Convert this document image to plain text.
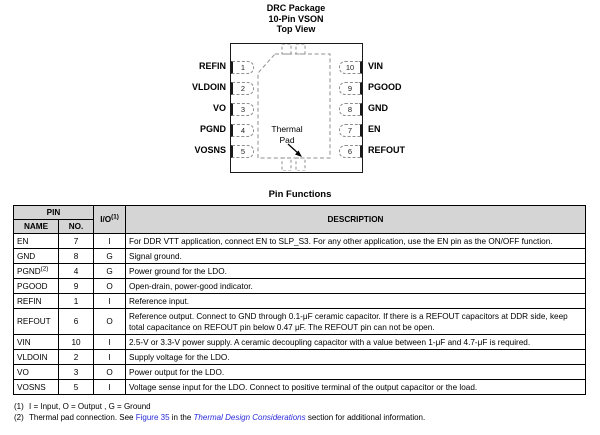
DRC Package
10-Pin VSON
Top View
Thermal
Pad
1
2
3
4
5
10
9
8
7
6
REFIN
VLDOIN
VO
PGND
VOSNS
VIN
PGOOD
GND
EN
REFOUT
Pin Functions
PIN		I/O$^{(1)}$	DESCRIPTION
NAME	NO.		
EN	7	I	For DDR VTT application, connect EN to SLP_S3. For any other application, use the EN pin as the ON/OFF function.
GND	8	G	Signal ground.
PGND$^{(2)}$	4	G	Power ground for the LDO.
PGOOD	9	O	Open-drain, power-good indicator.
REFIN	1	I	Reference input.
REFOUT	6	O	Reference output. Connect to GND through 0.1-μF ceramic capacitor. If there is a REFOUT capacitors at DDR side, keep total capacitance on REFOUT pin below 0.47 μF. The REFOUT pin can not be open.
VIN	10	I	2.5-V or 3.3-V power supply. A ceramic decoupling capacitor with a value between 1-μF and 4.7-μF is required.
VLDOIN	2	I	Supply voltage for the LDO.
VO	3	O	Power output for the LDO.
VOSNS	5	I	Voltage sense input for the LDO. Connect to positive terminal of the output capacitor or the load.
(1) I = Input, O = Output , G = Ground
(2) Thermal pad connection. See Figure 35 in the Thermal Design Considerations section for additional information.
